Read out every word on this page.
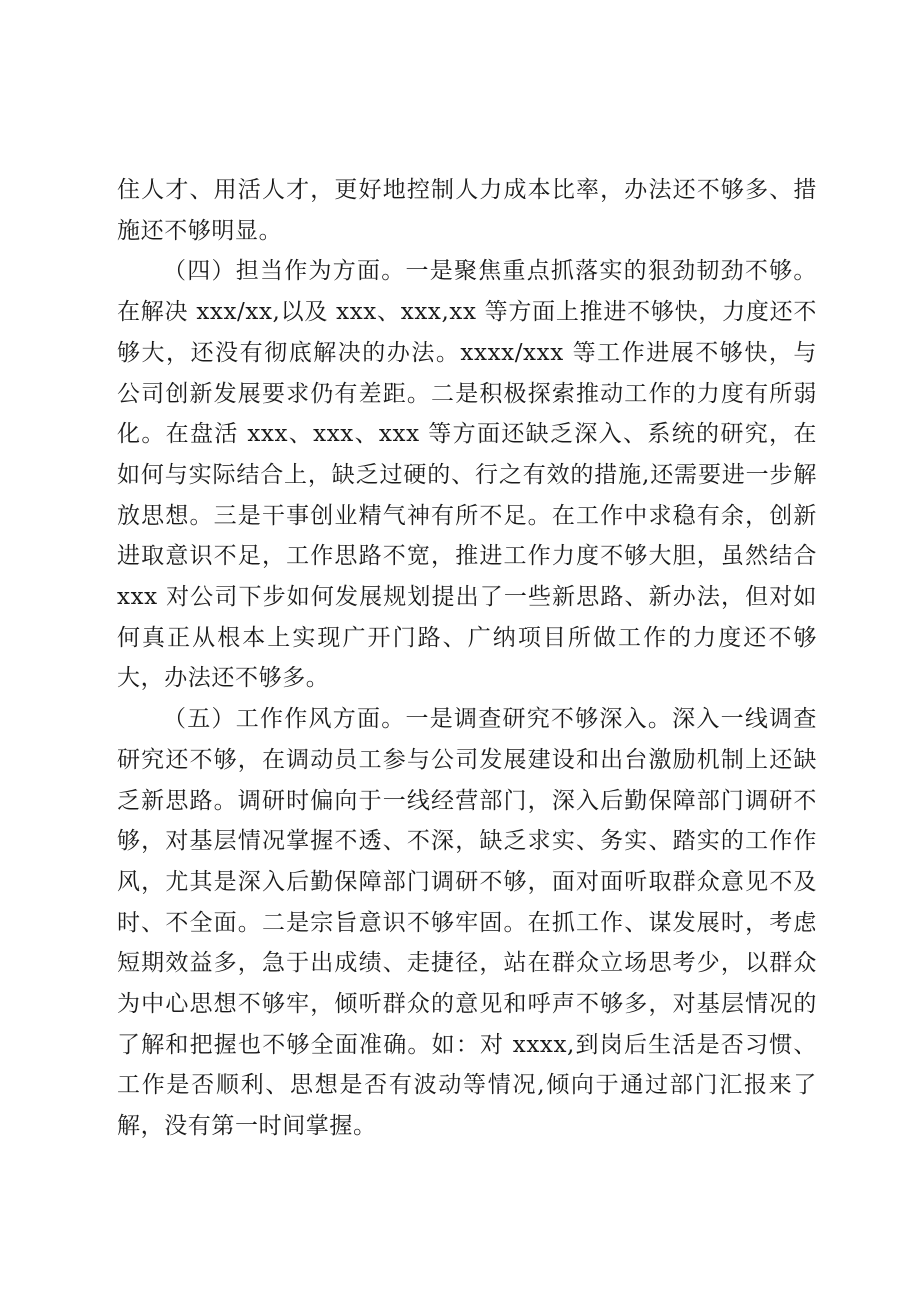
住人才、用活人才，更好地控制人力成本比率，办法还不够多、措施还不够明显。

（四）担当作为方面。一是聚焦重点抓落实的狠劲韧劲不够。在解决 xxx/xx,以及 xxx、xxx,xx 等方面上推进不够快，力度还不够大，还没有彻底解决的办法。xxxx/xxx 等工作进展不够快，与公司创新发展要求仍有差距。二是积极探索推动工作的力度有所弱化。在盘活 xxx、xxx、xxx 等方面还缺乏深入、系统的研究，在如何与实际结合上，缺乏过硬的、行之有效的措施,还需要进一步解放思想。三是干事创业精气神有所不足。在工作中求稳有余，创新进取意识不足，工作思路不宽，推进工作力度不够大胆，虽然结合 xxx 对公司下步如何发展规划提出了一些新思路、新办法，但对如何真正从根本上实现广开门路、广纳项目所做工作的力度还不够大，办法还不够多。

（五）工作作风方面。一是调查研究不够深入。深入一线调查研究还不够，在调动员工参与公司发展建设和出台激励机制上还缺乏新思路。调研时偏向于一线经营部门，深入后勤保障部门调研不够，对基层情况掌握不透、不深，缺乏求实、务实、踏实的工作作风，尤其是深入后勤保障部门调研不够，面对面听取群众意见不及时、不全面。二是宗旨意识不够牢固。在抓工作、谋发展时，考虑短期效益多，急于出成绩、走捷径，站在群众立场思考少，以群众为中心思想不够牢，倾听群众的意见和呼声不够多，对基层情况的了解和把握也不够全面准确。如：对 xxxx,到岗后生活是否习惯、工作是否顺利、思想是否有波动等情况,倾向于通过部门汇报来了解，没有第一时间掌握。
